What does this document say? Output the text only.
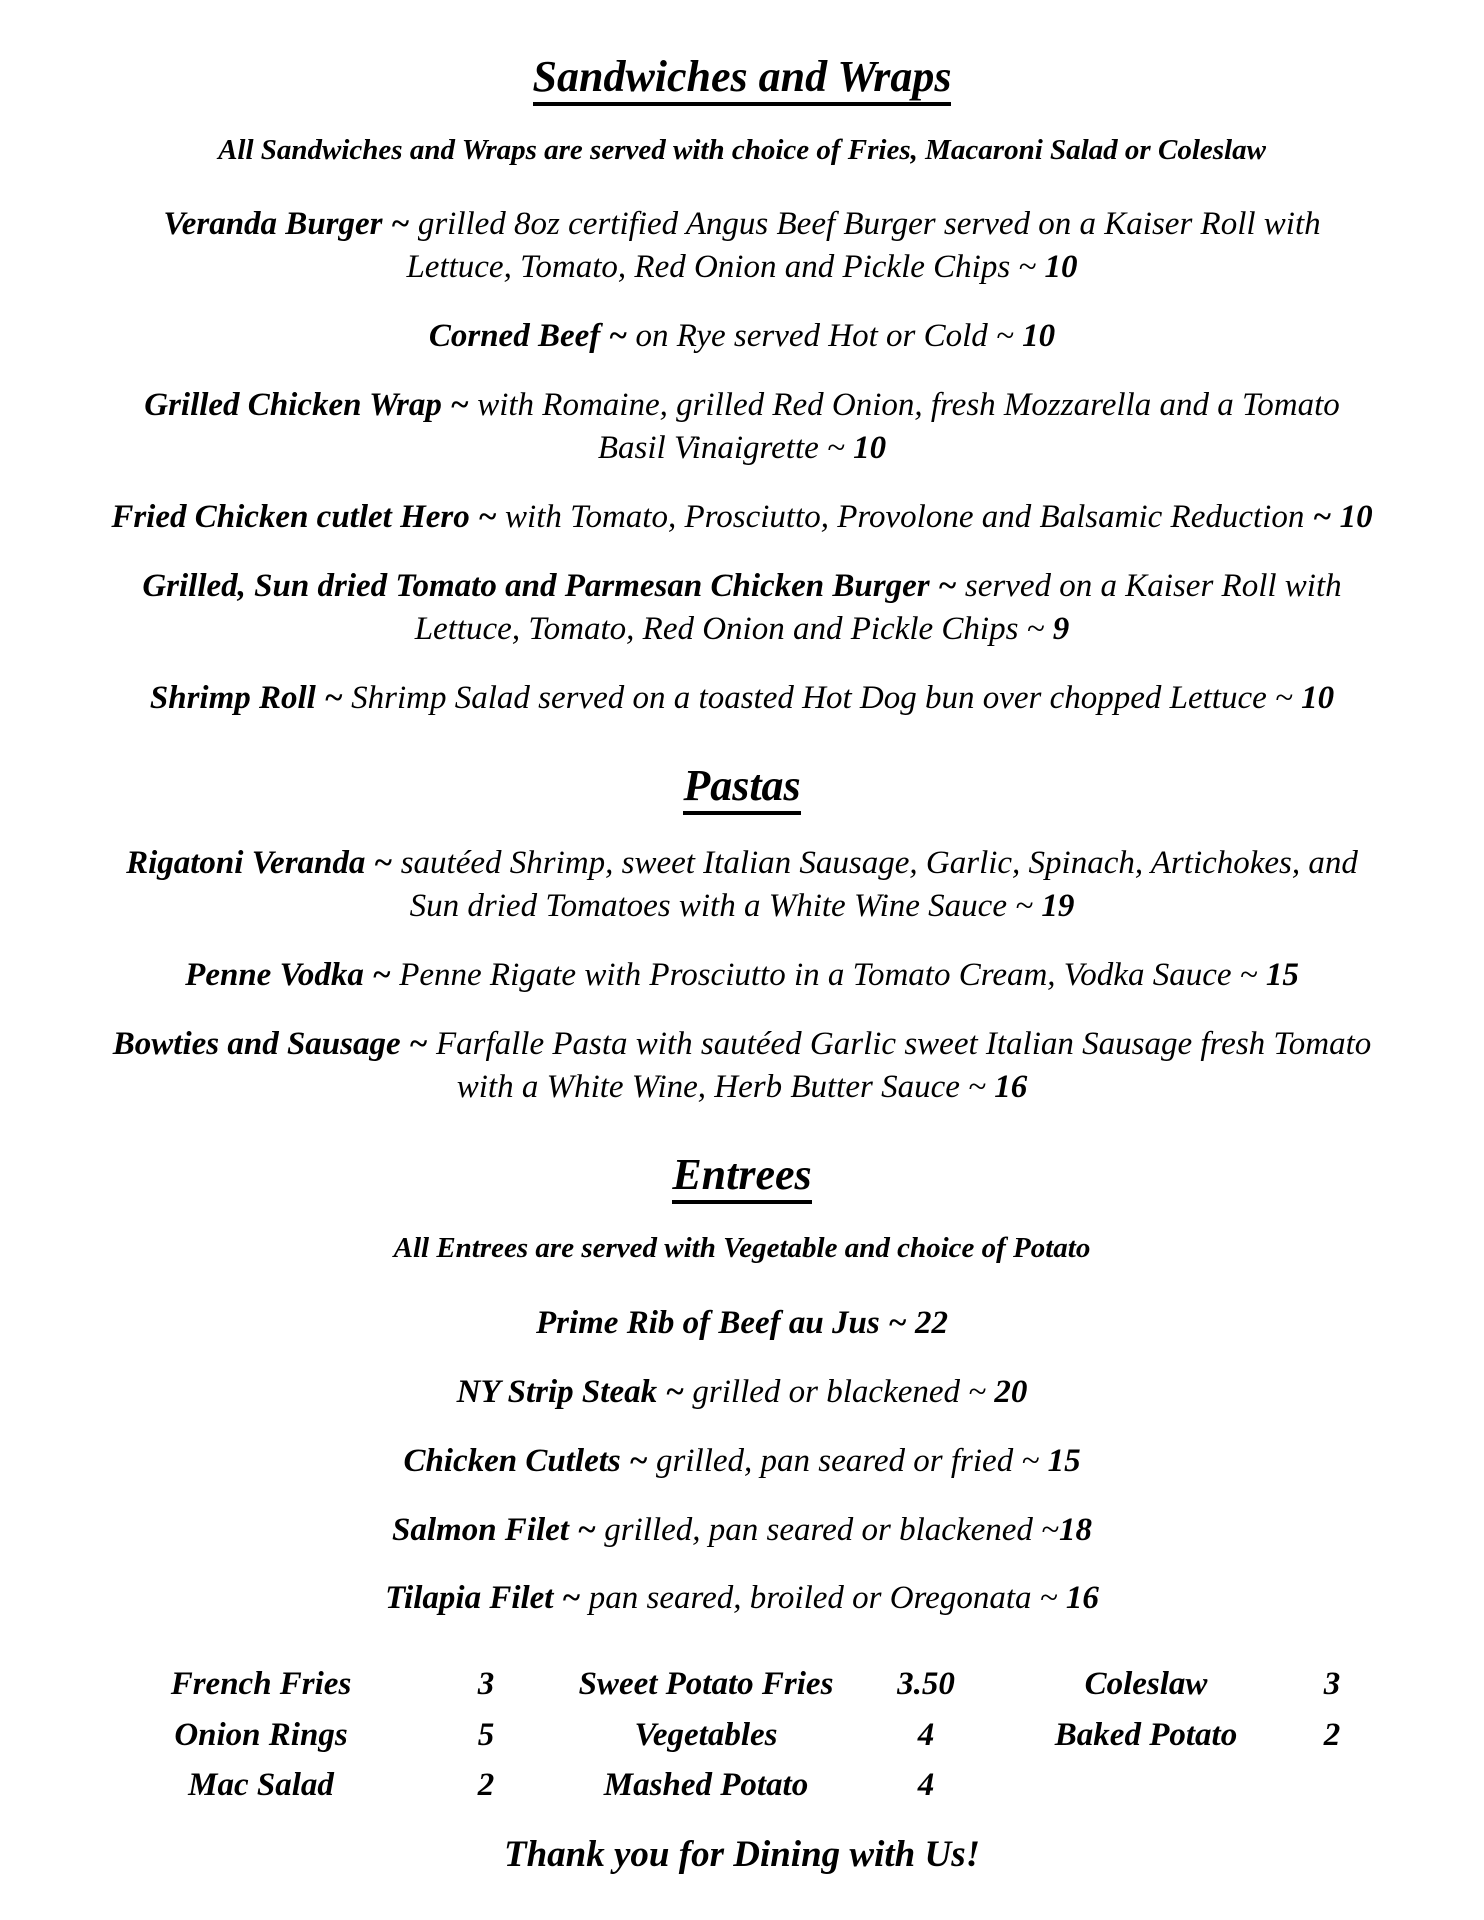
Sandwiches and Wraps

All Sandwiches and Wraps are served with choice of Fries, Macaroni Salad or Coleslaw

Veranda Burger ~ grilled 8oz certified Angus Beef Burger served on a Kaiser Roll with Lettuce, Tomato, Red Onion and Pickle Chips ~ 10

Corned Beef ~ on Rye served Hot or Cold ~ 10

Grilled Chicken Wrap ~ with Romaine, grilled Red Onion, fresh Mozzarella and a Tomato Basil Vinaigrette ~ 10

Fried Chicken cutlet Hero ~ with Tomato, Prosciutto, Provolone and Balsamic Reduction ~ 10

Grilled, Sun dried Tomato and Parmesan Chicken Burger ~ served on a Kaiser Roll with Lettuce, Tomato, Red Onion and Pickle Chips ~ 9

Shrimp Roll ~ Shrimp Salad served on a toasted Hot Dog bun over chopped Lettuce ~ 10

Pastas

Rigatoni Veranda ~ sautéed Shrimp, sweet Italian Sausage, Garlic, Spinach, Artichokes, and Sun dried Tomatoes with a White Wine Sauce ~ 19

Penne Vodka ~ Penne Rigate with Prosciutto in a Tomato Cream, Vodka Sauce ~ 15

Bowties and Sausage ~ Farfalle Pasta with sautéed Garlic sweet Italian Sausage fresh Tomato with a White Wine, Herb Butter Sauce ~ 16

Entrees

All Entrees are served with Vegetable and choice of Potato

Prime Rib of Beef au Jus ~ 22

NY Strip Steak ~ grilled or blackened ~ 20

Chicken Cutlets ~ grilled, pan seared or fried ~ 15

Salmon Filet ~ grilled, pan seared or blackened ~18

Tilapia Filet ~ pan seared, broiled or Oregonata ~ 16

French Fries	3	Sweet Potato Fries	3.50	Coleslaw	3
Onion Rings	5	Vegetables	4	Baked Potato	2
Mac Salad	2	Mashed Potato	4

Thank you for Dining with Us!
